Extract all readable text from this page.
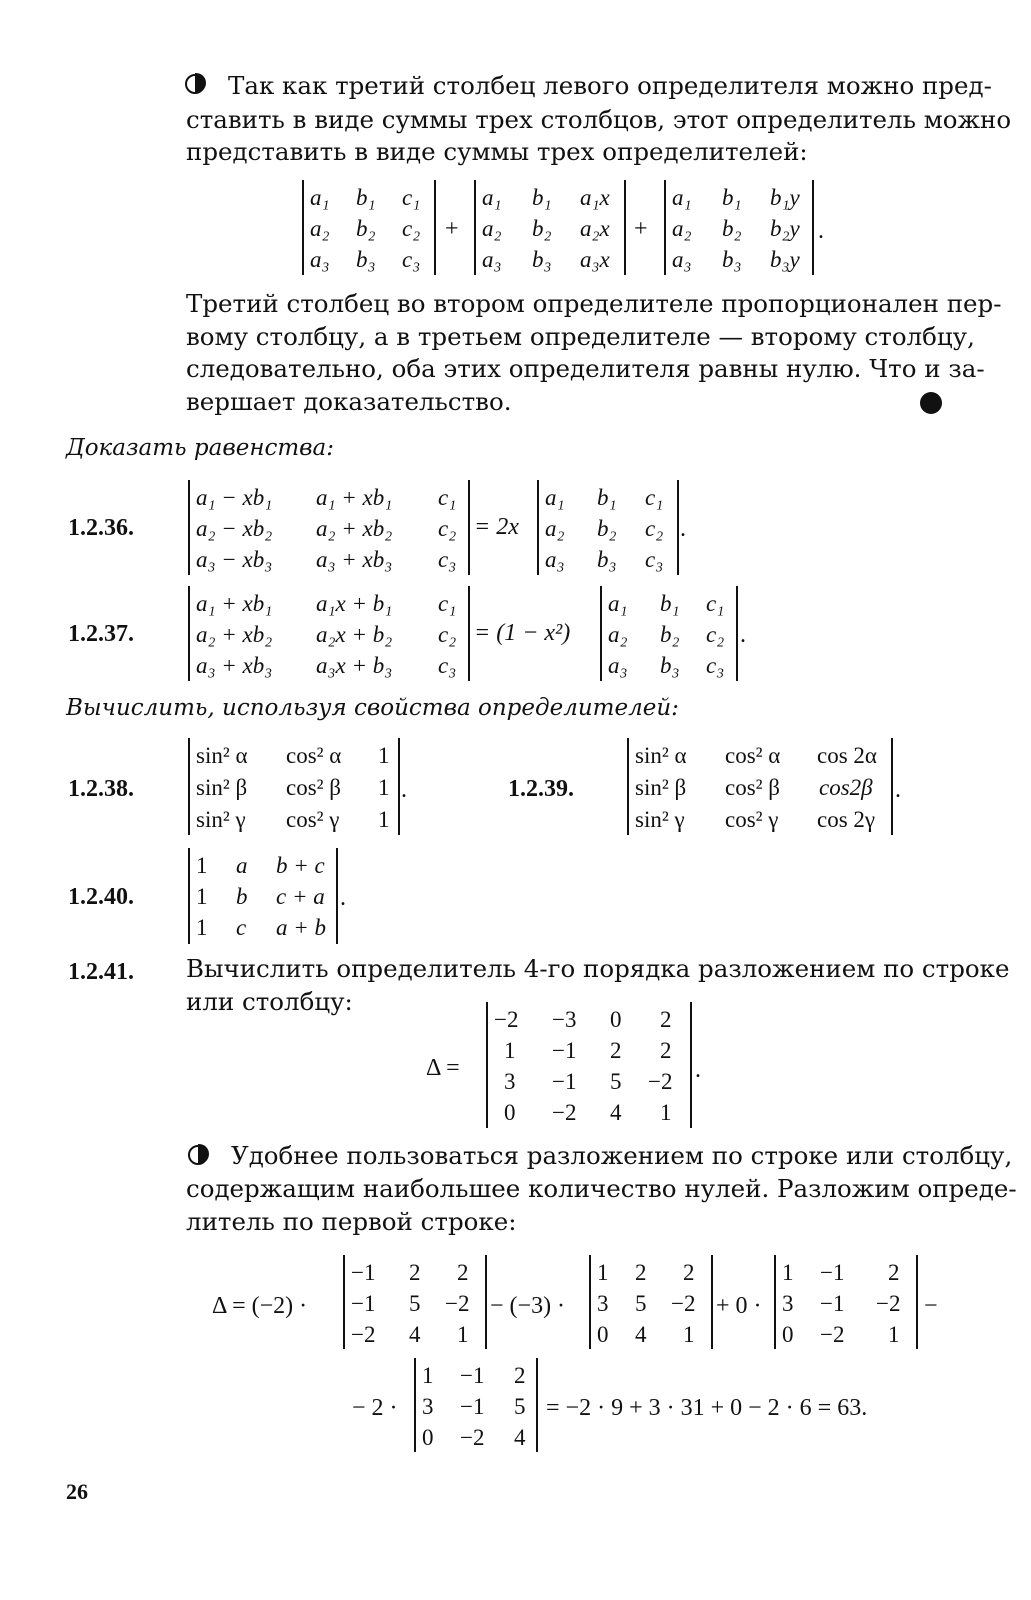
Так как третий столбец левого определителя можно пред-
ставить в виде суммы трех столбцов, этот определитель можно
представить в виде суммы трех определителей:
a₁ b₁ c₁
a₂ b₂ c₂
a₃ b₃ c₃
+
a₁ b₁ a₁x
a₂ b₂ a₂x
a₃ b₃ a₃x
+
a₁ b₁ b₁y
a₂ b₂ b₂y
a₃ b₃ b₃y
.
Третий столбец во втором определителе пропорционален пер-
вому столбцу, а в третьем определителе — второму столбцу,
следовательно, оба этих определителя равны нулю. Что и за-
вершает доказательство.
Доказать равенства:
1.2.36.
a₁ − xb₁ a₁ + xb₁ c₁
a₂ − xb₂ a₂ + xb₂ c₂
a₃ − xb₃ a₃ + xb₃ c₃
= 2x
a₁ b₁ c₁
a₂ b₂ c₂
a₃ b₃ c₃
.
1.2.37.
a₁ + xb₁ a₁x + b₁ c₁
a₂ + xb₂ a₂x + b₂ c₂
a₃ + xb₃ a₃x + b₃ c₃
= (1 − x²)
a₁ b₁ c₁
a₂ b₂ c₂
a₃ b₃ c₃
.
Вычислить, используя свойства определителей:
1.2.38.
sin² α cos² α 1
sin² β cos² β 1
sin² γ cos² γ 1
.	1.2.39.
sin² α cos² α cos 2α
sin² β cos² β cos2β
sin² γ cos² γ cos 2γ
.
1.2.40.
1 a b + c
1 b c + a
1 c a + b
.
1.2.41. Вычислить определитель 4-го порядка разложением по строке
или столбцу:
Δ =
−2 −3 0 2
1 −1 2 2
3 −1 5 −2
0 −2 4 1
.
Удобнее пользоваться разложением по строке или столбцу,
содержащим наибольшее количество нулей. Разложим опреде-
литель по первой строке:
Δ = (−2) ·
−1 2 2
−1 5 −2
−2 4 1
− (−3) ·
1 2 2
3 5 −2
0 4 1
+ 0 ·
1 −1 2
3 −1 −2
0 −2 1
−
− 2 ·
1 −1 2
3 −1 5
0 −2 4
= −2 · 9 + 3 · 31 + 0 − 2 · 6 = 63.
26
